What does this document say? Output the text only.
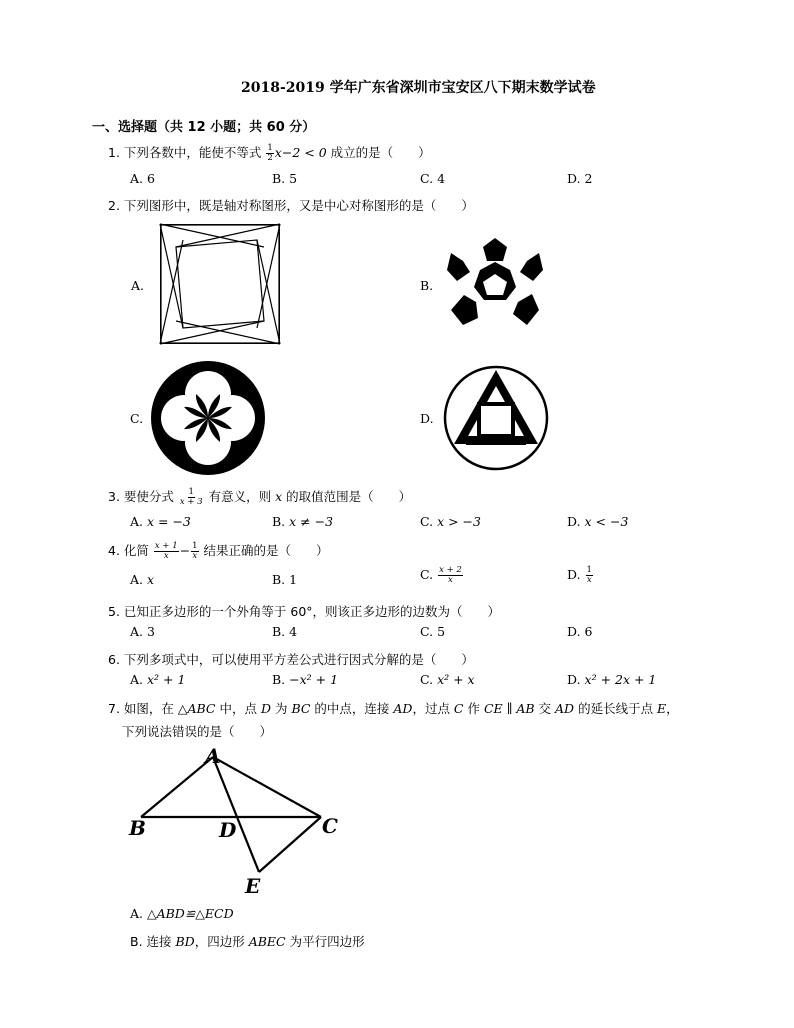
2018-2019 学年广东省深圳市宝安区八下期末数学试卷
一、选择题（共 12 小题；共 60 分）
1. 下列各数中，能使不等式 $\frac{1}{2} x-2 < 0$ 成立的是（　　）
A. 6	B. 5	C. 4	D. 2
2. 下列图形中，既是轴对称图形，又是中心对称图形的是（　　）
A.	B.
C.	D.
3. 要使分式 $\frac{1}{x + 3}$ 有意义，则 x 的取值范围是（　　）
A. x = −3	B. x ≠ −3	C. x > −3	D. x < −3
4. 化简 $\frac{x + 1}{x} - \frac{1}{x}$ 结果正确的是（　　）
A. x	B. 1	C. $\frac{x + 2}{x}$	D. $\frac{1}{x}$
5. 已知正多边形的一个外角等于 60°，则该正多边形的边数为（　　）
A. 3	B. 4	C. 5	D. 6
6. 下列多项式中，可以使用平方差公式进行因式分解的是（　　）
A. x² + 1	B. −x² + 1	C. x² + x	D. x² + 2x + 1
7. 如图，在 △ABC 中，点 D 为 BC 的中点，连接 AD，过点 C 作 CE ∥ AB 交 AD 的延长线于点 E，
下列说法错误的是（　　）
A
B	D	C
E
A. △ABD≌△ECD
B. 连接 BD，四边形 ABEC 为平行四边形
